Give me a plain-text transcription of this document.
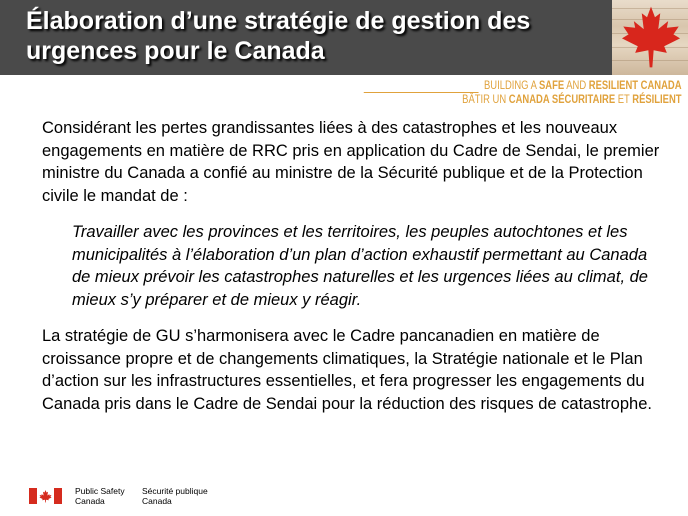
Élaboration d’une stratégie de gestion des urgences pour le Canada
BUILDING A SAFE AND RESILIENT CANADA
BÂTIR UN CANADA SÉCURITAIRE ET RÉSILIENT

Considérant les pertes grandissantes liées à des catastrophes et les nouveaux engagements en matière de RRC pris en application du Cadre de Sendai, le premier ministre du Canada a confié au ministre de la Sécurité publique et de la Protection civile le mandat de :

Travailler avec les provinces et les territoires, les peuples autochtones et les municipalités à l’élaboration d’un plan d’action exhaustif permettant au Canada de mieux prévoir les catastrophes naturelles et les urgences liées au climat, de mieux s’y préparer et de mieux y réagir.

La stratégie de GU s’harmonisera avec le Cadre pancanadien en matière de croissance propre et de changements climatiques, la Stratégie nationale et le Plan d’action sur les infrastructures essentielles, et fera progresser les engagements du Canada pris dans le Cadre de Sendai pour la réduction des risques de catastrophe.

Public Safety
Canada
Sécurité publique
Canada
